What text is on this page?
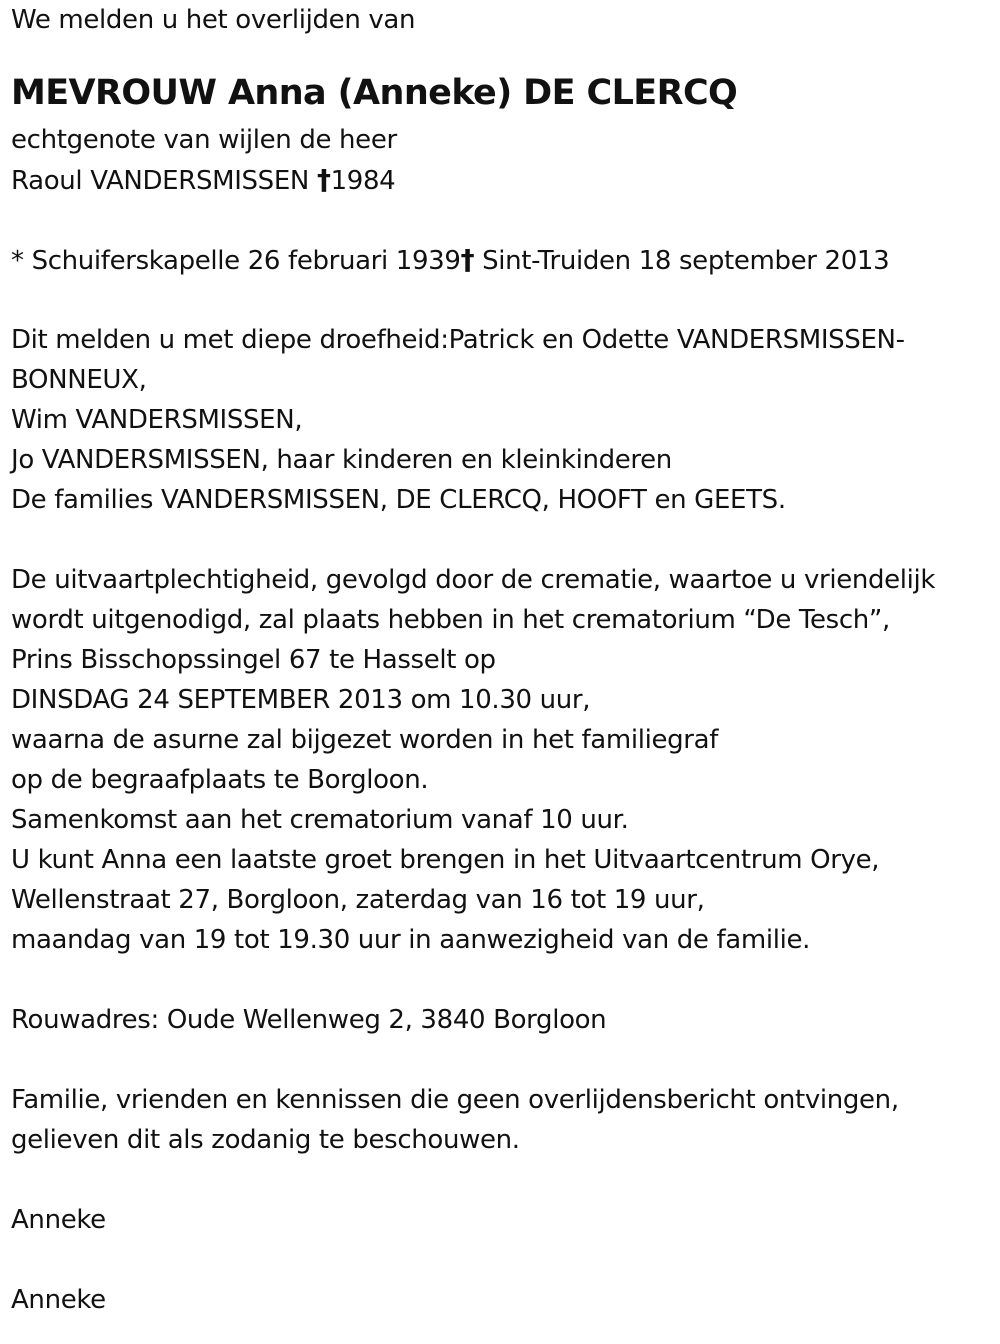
We melden u het overlijden van
MEVROUW Anna (Anneke) DE CLERCQ
echtgenote van wijlen de heer
Raoul VANDERSMISSEN †1984
* Schuiferskapelle 26 februari 1939† Sint-Truiden 18 september 2013
Dit melden u met diepe droefheid:Patrick en Odette VANDERSMISSEN-
BONNEUX,
Wim VANDERSMISSEN,
Jo VANDERSMISSEN, haar kinderen en kleinkinderen
De families VANDERSMISSEN, DE CLERCQ, HOOFT en GEETS.
De uitvaartplechtigheid, gevolgd door de crematie, waartoe u vriendelijk
wordt uitgenodigd, zal plaats hebben in het crematorium “De Tesch”,
Prins Bisschopssingel 67 te Hasselt op
DINSDAG 24 SEPTEMBER 2013 om 10.30 uur,
waarna de asurne zal bijgezet worden in het familiegraf
op de begraafplaats te Borgloon.
Samenkomst aan het crematorium vanaf 10 uur.
U kunt Anna een laatste groet brengen in het Uitvaartcentrum Orye,
Wellenstraat 27, Borgloon, zaterdag van 16 tot 19 uur,
maandag van 19 tot 19.30 uur in aanwezigheid van de familie.
Rouwadres: Oude Wellenweg 2, 3840 Borgloon
Familie, vrienden en kennissen die geen overlijdensbericht ontvingen,
gelieven dit als zodanig te beschouwen.
Anneke
Anneke
